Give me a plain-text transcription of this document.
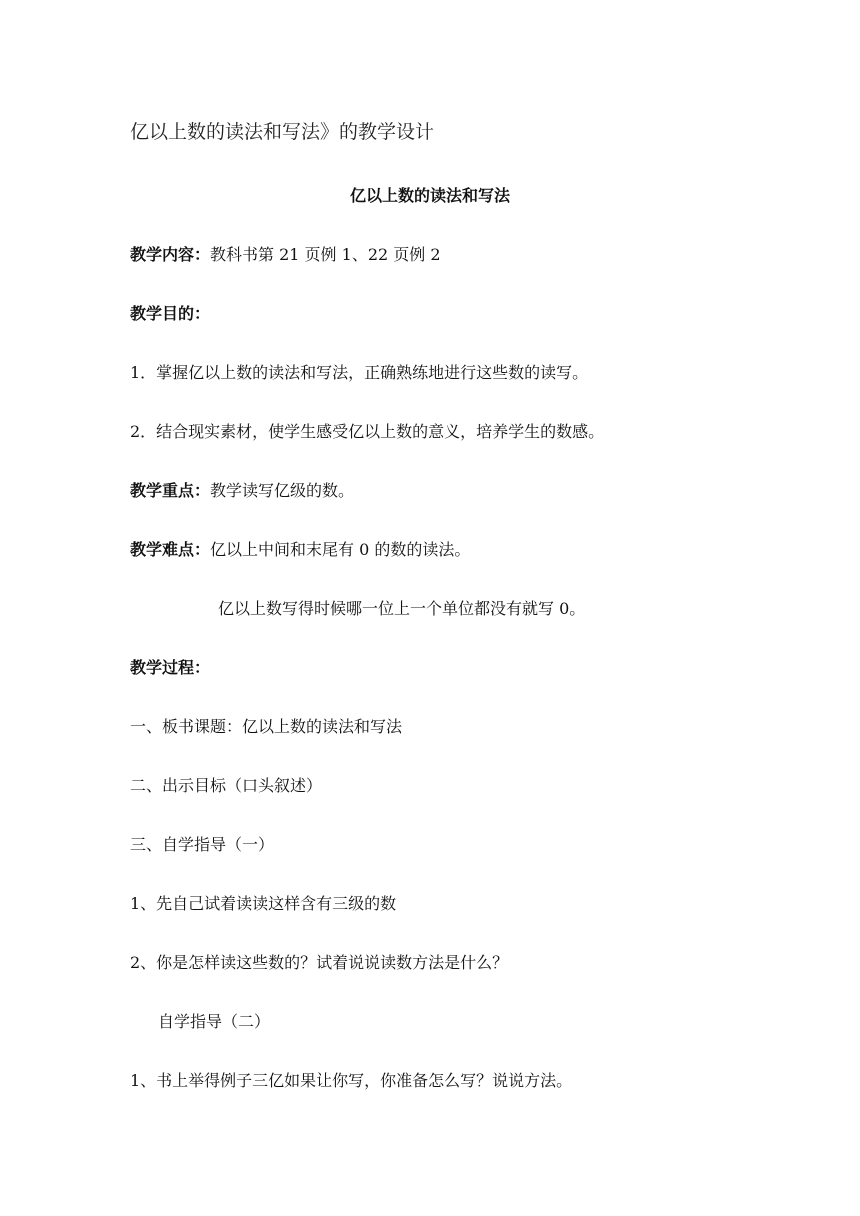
亿以上数的读法和写法》的教学设计
亿以上数的读法和写法
教学内容：教科书第 21 页例 1、22 页例 2
教学目的：
1．掌握亿以上数的读法和写法，正确熟练地进行这些数的读写。
2．结合现实素材，使学生感受亿以上数的意义，培养学生的数感。
教学重点：教学读写亿级的数。
教学难点：亿以上中间和末尾有 0 的数的读法。
亿以上数写得时候哪一位上一个单位都没有就写 0。
教学过程：
一、板书课题：亿以上数的读法和写法
二、出示目标（口头叙述）
三、自学指导（一）
1、先自己试着读读这样含有三级的数
2、你是怎样读这些数的？试着说说读数方法是什么？
自学指导（二）
1、书上举得例子三亿如果让你写，你准备怎么写？说说方法。
